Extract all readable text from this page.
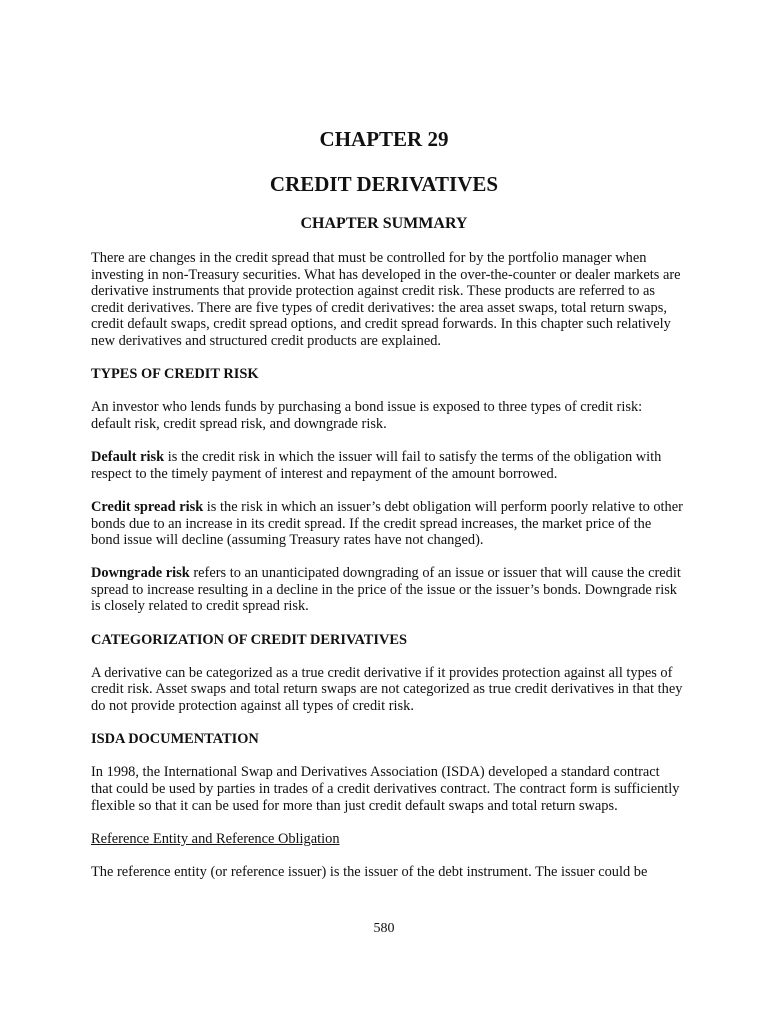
CHAPTER 29
CREDIT DERIVATIVES
CHAPTER SUMMARY

There are changes in the credit spread that must be controlled for by the portfolio manager when investing in non-Treasury securities. What has developed in the over-the-counter or dealer markets are derivative instruments that provide protection against credit risk. These products are referred to as credit derivatives. There are five types of credit derivatives: the area asset swaps, total return swaps, credit default swaps, credit spread options, and credit spread forwards. In this chapter such relatively new derivatives and structured credit products are explained.

TYPES OF CREDIT RISK

An investor who lends funds by purchasing a bond issue is exposed to three types of credit risk: default risk, credit spread risk, and downgrade risk.

Default risk is the credit risk in which the issuer will fail to satisfy the terms of the obligation with respect to the timely payment of interest and repayment of the amount borrowed.

Credit spread risk is the risk in which an issuer’s debt obligation will perform poorly relative to other bonds due to an increase in its credit spread. If the credit spread increases, the market price of the bond issue will decline (assuming Treasury rates have not changed).

Downgrade risk refers to an unanticipated downgrading of an issue or issuer that will cause the credit spread to increase resulting in a decline in the price of the issue or the issuer’s bonds. Downgrade risk is closely related to credit spread risk.

CATEGORIZATION OF CREDIT DERIVATIVES

A derivative can be categorized as a true credit derivative if it provides protection against all types of credit risk. Asset swaps and total return swaps are not categorized as true credit derivatives in that they do not provide protection against all types of credit risk.

ISDA DOCUMENTATION

In 1998, the International Swap and Derivatives Association (ISDA) developed a standard contract that could be used by parties in trades of a credit derivatives contract. The contract form is sufficiently flexible so that it can be used for more than just credit default swaps and total return swaps.

Reference Entity and Reference Obligation

The reference entity (or reference issuer) is the issuer of the debt instrument. The issuer could be

580
